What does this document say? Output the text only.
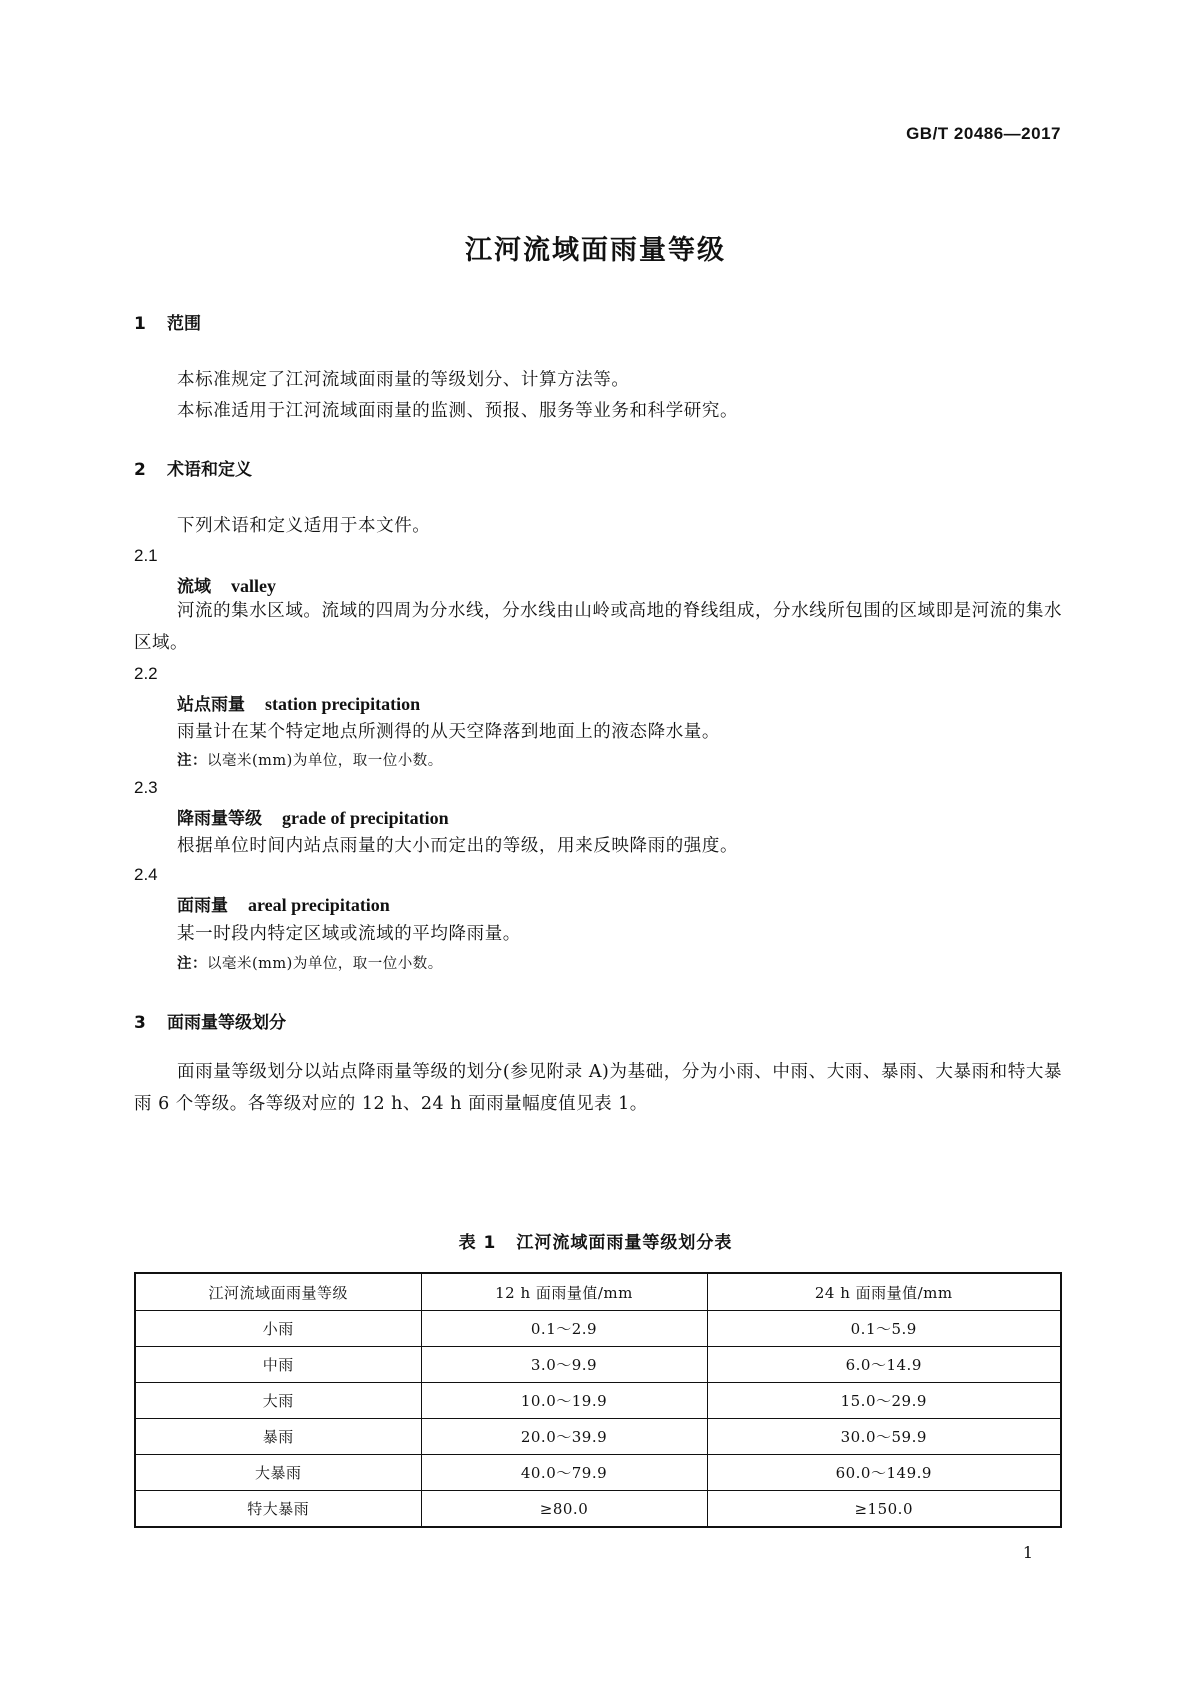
GB/T 20486—2017
江河流域面雨量等级
1 范围
本标准规定了江河流域面雨量的等级划分、计算方法等。
本标准适用于江河流域面雨量的监测、预报、服务等业务和科学研究。
2 术语和定义
下列术语和定义适用于本文件。
2.1
流域 valley
河流的集水区域。流域的四周为分水线，分水线由山岭或高地的脊线组成，分水线所包围的区域即是河流的集水区域。
2.2
站点雨量 station precipitation
雨量计在某个特定地点所测得的从天空降落到地面上的液态降水量。
注：以毫米(mm)为单位，取一位小数。
2.3
降雨量等级 grade of precipitation
根据单位时间内站点雨量的大小而定出的等级，用来反映降雨的强度。
2.4
面雨量 areal precipitation
某一时段内特定区域或流域的平均降雨量。
注：以毫米(mm)为单位，取一位小数。
3 面雨量等级划分
面雨量等级划分以站点降雨量等级的划分(参见附录 A)为基础，分为小雨、中雨、大雨、暴雨、大暴雨和特大暴雨 6 个等级。各等级对应的 12 h、24 h 面雨量幅度值见表 1。
表 1 江河流域面雨量等级划分表
江河流域面雨量等级	12 h 面雨量值/mm	24 h 面雨量值/mm
小雨	0.1～2.9	0.1～5.9
中雨	3.0～9.9	6.0～14.9
大雨	10.0～19.9	15.0～29.9
暴雨	20.0～39.9	30.0～59.9
大暴雨	40.0～79.9	60.0～149.9
特大暴雨	≥80.0	≥150.0
1
